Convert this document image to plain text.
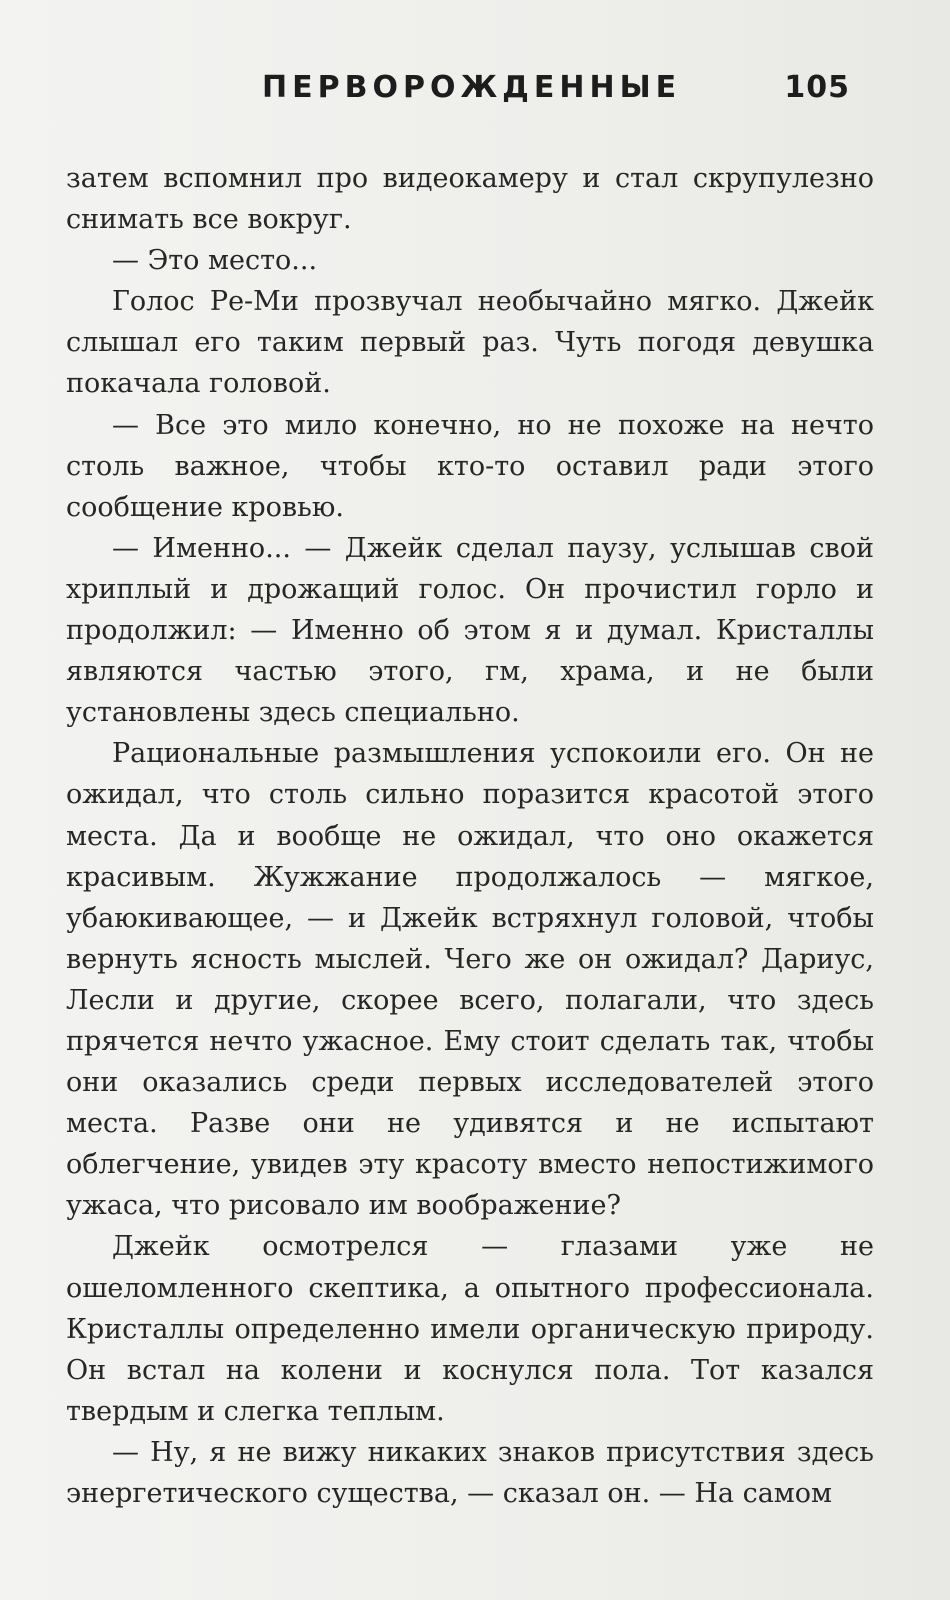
ПЕРВОРОЖДЕННЫЕ	105

затем вспомнил про видеокамеру и стал скрупулезно снимать все вокруг.

— Это место...

Голос Ре-Ми прозвучал необычайно мягко. Джейк слышал его таким первый раз. Чуть погодя девушка покачала головой.

— Все это мило конечно, но не похоже на нечто столь важное, чтобы кто-то оставил ради этого сообщение кровью.

— Именно... — Джейк сделал паузу, услышав свой хриплый и дрожащий голос. Он прочистил горло и продолжил: — Именно об этом я и думал. Кристаллы являются частью этого, гм, храма, и не были установлены здесь специально.

Рациональные размышления успокоили его. Он не ожидал, что столь сильно поразится красотой этого места. Да и вообще не ожидал, что оно окажется красивым. Жужжание продолжалось — мягкое, убаюкивающее, — и Джейк встряхнул головой, чтобы вернуть ясность мыслей. Чего же он ожидал? Дариус, Лесли и другие, скорее всего, полагали, что здесь прячется нечто ужасное. Ему стоит сделать так, чтобы они оказались среди первых исследователей этого места. Разве они не удивятся и не испытают облегчение, увидев эту красоту вместо непостижимого ужаса, что рисовало им воображение?

Джейк осмотрелся — глазами уже не ошеломленного скептика, а опытного профессионала. Кристаллы определенно имели органическую природу. Он встал на колени и коснулся пола. Тот казался твердым и слегка теплым.

— Ну, я не вижу никаких знаков присутствия здесь энергетического существа, — сказал он. — На самом
